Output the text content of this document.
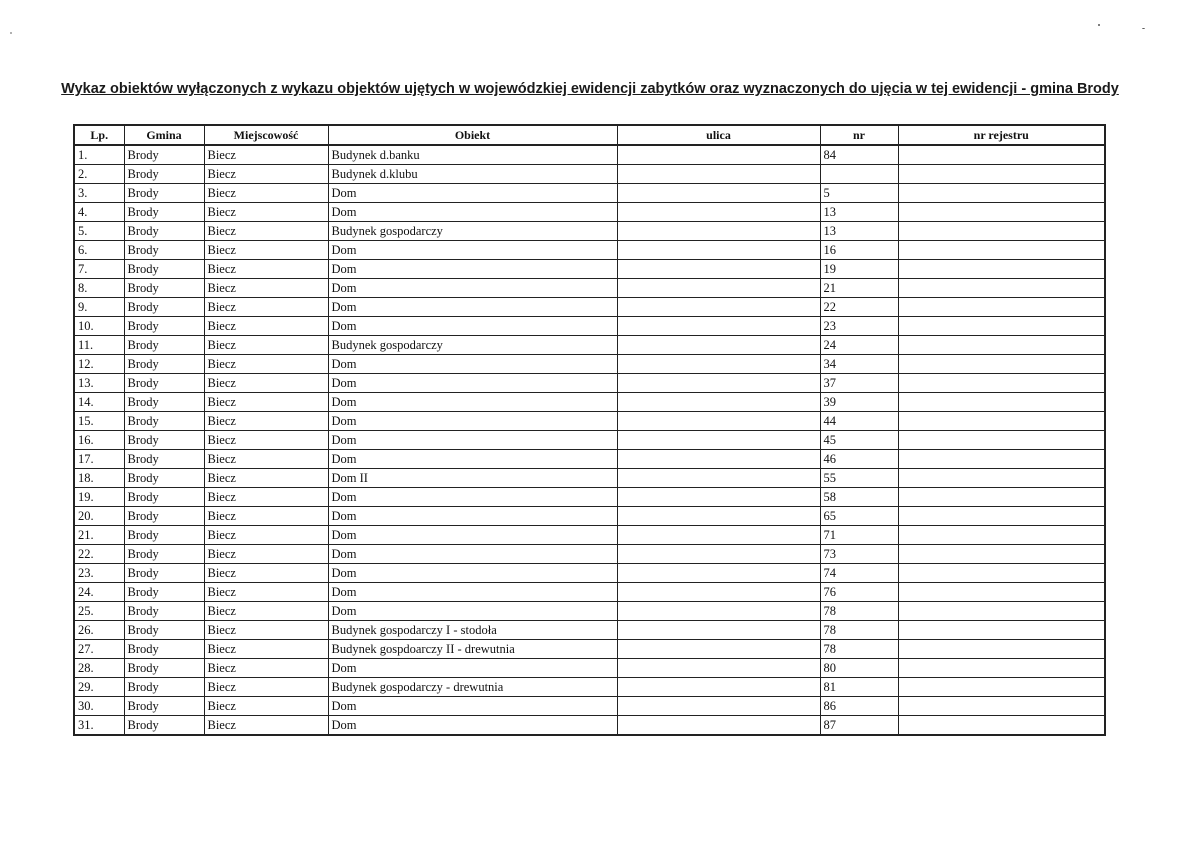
Wykaz obiektów wyłączonych z wykazu objektów ujętych w wojewódzkiej ewidencji zabytków oraz wyznaczonych do ujęcia w tej ewidencji - gmina Brody
Lp.	Gmina	Miejscowość	Obiekt	ulica	nr	nr rejestru
1.	Brody	Biecz	Budynek d.banku		84	
2.	Brody	Biecz	Budynek d.klubu			
3.	Brody	Biecz	Dom		5	
4.	Brody	Biecz	Dom		13	
5.	Brody	Biecz	Budynek gospodarczy		13	
6.	Brody	Biecz	Dom		16	
7.	Brody	Biecz	Dom		19	
8.	Brody	Biecz	Dom		21	
9.	Brody	Biecz	Dom		22	
10.	Brody	Biecz	Dom		23	
11.	Brody	Biecz	Budynek gospodarczy		24	
12.	Brody	Biecz	Dom		34	
13.	Brody	Biecz	Dom		37	
14.	Brody	Biecz	Dom		39	
15.	Brody	Biecz	Dom		44	
16.	Brody	Biecz	Dom		45	
17.	Brody	Biecz	Dom		46	
18.	Brody	Biecz	Dom II		55	
19.	Brody	Biecz	Dom		58	
20.	Brody	Biecz	Dom		65	
21.	Brody	Biecz	Dom		71	
22.	Brody	Biecz	Dom		73	
23.	Brody	Biecz	Dom		74	
24.	Brody	Biecz	Dom		76	
25.	Brody	Biecz	Dom		78	
26.	Brody	Biecz	Budynek gospodarczy I - stodoła		78	
27.	Brody	Biecz	Budynek gospdoarczy II - drewutnia		78	
28.	Brody	Biecz	Dom		80	
29.	Brody	Biecz	Budynek gospodarczy - drewutnia		81	
30.	Brody	Biecz	Dom		86	
31.	Brody	Biecz	Dom		87	
